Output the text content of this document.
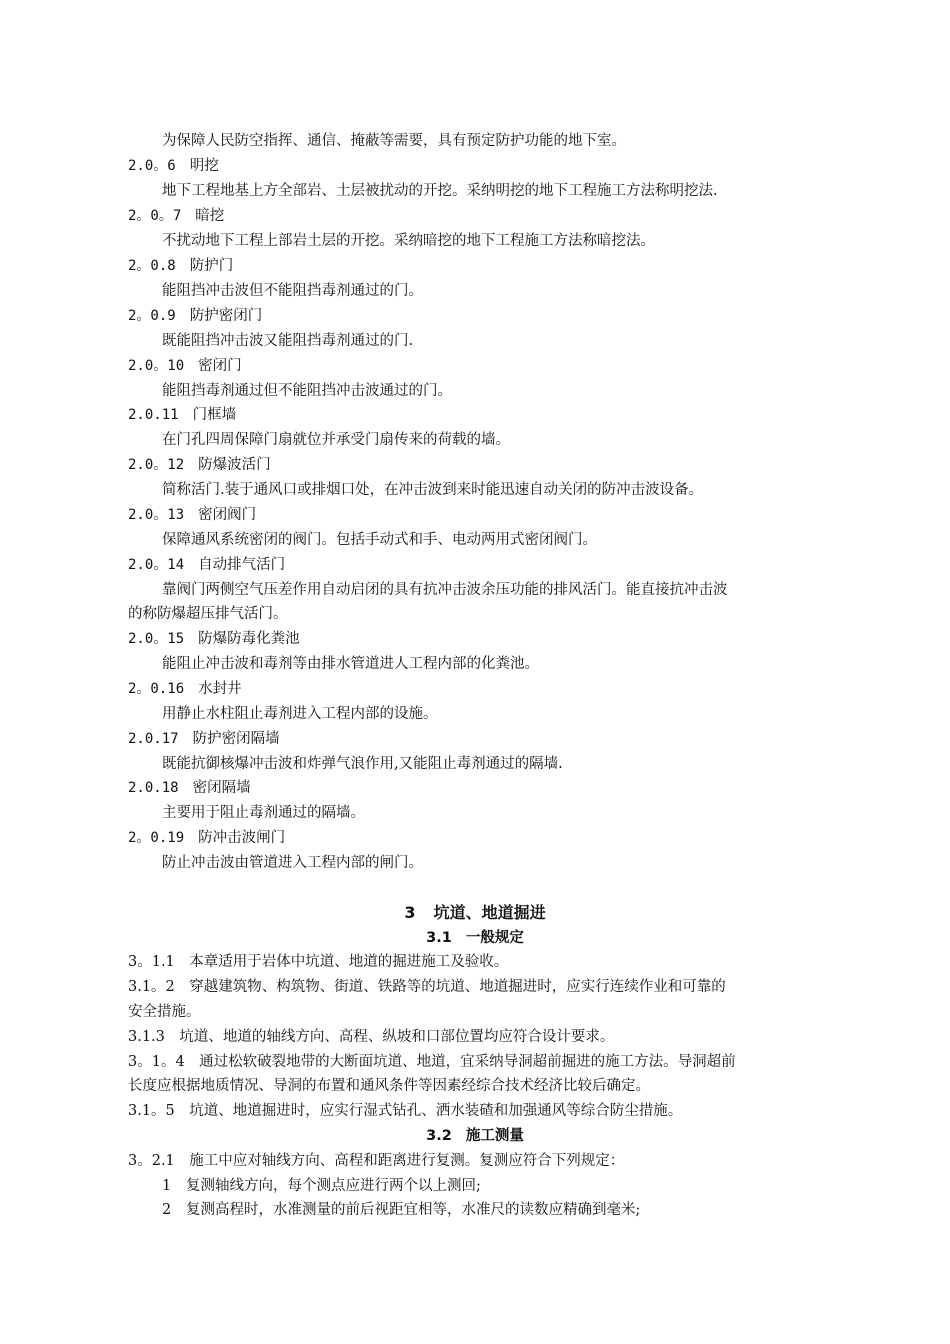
为保障人民防空指挥、通信、掩蔽等需要，具有预定防护功能的地下室。
2.0。6 明挖
地下工程地基上方全部岩、土层被扰动的开挖。采纳明挖的地下工程施工方法称明挖法.
2。0。7 暗挖
不扰动地下工程上部岩土层的开挖。采纳暗挖的地下工程施工方法称暗挖法。
2。0.8 防护门
能阻挡冲击波但不能阻挡毒剂通过的门。
2。0.9 防护密闭门
既能阻挡冲击波又能阻挡毒剂通过的门.
2.0。10 密闭门
能阻挡毒剂通过但不能阻挡冲击波通过的门。
2.0.11 门框墙
在门孔四周保障门扇就位并承受门扇传来的荷载的墙。
2.0。12 防爆波活门
简称活门.装于通风口或排烟口处，在冲击波到来时能迅速自动关闭的防冲击波设备。
2.0。13 密闭阀门
保障通风系统密闭的阀门。包括手动式和手、电动两用式密闭阀门。
2.0。14 自动排气活门
靠阀门两侧空气压差作用自动启闭的具有抗冲击波余压功能的排风活门。能直接抗冲击波
的称防爆超压排气活门。
2.0。15 防爆防毒化粪池
能阻止冲击波和毒剂等由排水管道进人工程内部的化粪池。
2。0.16 水封井
用静止水柱阻止毒剂进入工程内部的设施。
2.0.17 防护密闭隔墙
既能抗御核爆冲击波和炸弹气浪作用,又能阻止毒剂通过的隔墙.
2.0.18 密闭隔墙
主要用于阻止毒剂通过的隔墙。
2。0.19 防冲击波闸门
防止冲击波由管道进入工程内部的闸门。
3 坑道、地道掘进
3.1 一般规定
3。1.1　本章适用于岩体中坑道、地道的掘进施工及验收。
3.1。2　穿越建筑物、构筑物、街道、铁路等的坑道、地道掘进时，应实行连续作业和可靠的
安全措施。
3.1.3　坑道、地道的轴线方向、高程、纵坡和口部位置均应符合设计要求。
3。1。4　通过松软破裂地带的大断面坑道、地道，宜采纳导洞超前掘进的施工方法。导洞超前
长度应根据地质情况、导洞的布置和通风条件等因素经综合技术经济比较后确定。
3.1。5　坑道、地道掘进时，应实行湿式钻孔、洒水装碴和加强通风等综合防尘措施。
3.2 施工测量
3。2.1　施工中应对轴线方向、高程和距离进行复测。复测应符合下列规定：
1 复测轴线方向，每个测点应进行两个以上测回;
2 复测高程时，水准测量的前后视距宜相等，水准尺的读数应精确到毫米;
